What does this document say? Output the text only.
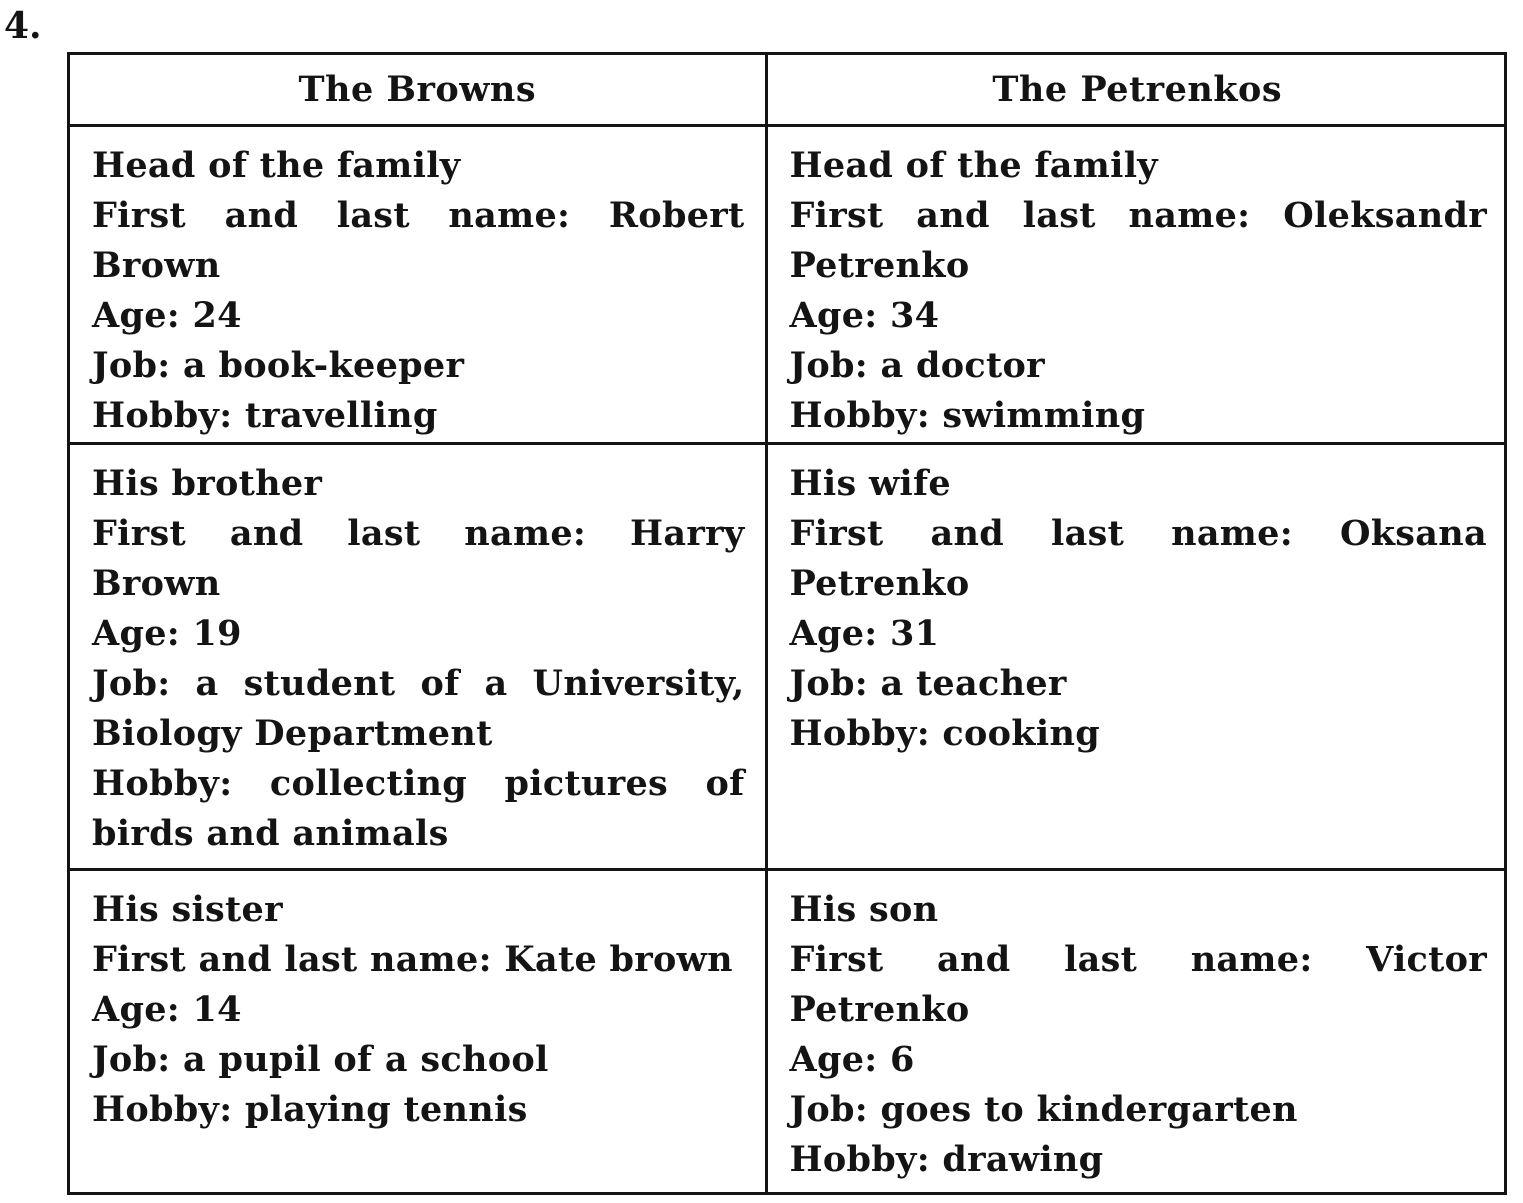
4.
The Browns	The Petrenkos

Head of the family
First and last name: Robert Brown
Age: 24
Job: a book-keeper
Hobby: travelling	Head of the family
First and last name: Oleksandr Petrenko
Age: 34
Job: a doctor
Hobby: swimming

His brother
First and last name: Harry Brown
Age: 19
Job: a student of a University, Biology Department
Hobby: collecting pictures of birds and animals	His wife
First and last name: Oksana Petrenko
Age: 31
Job: a teacher
Hobby: cooking

His sister
First and last name: Kate brown
Age: 14
Job: a pupil of a school
Hobby: playing tennis	His son
First and last name: Victor Petrenko
Age: 6
Job: goes to kindergarten
Hobby: drawing
